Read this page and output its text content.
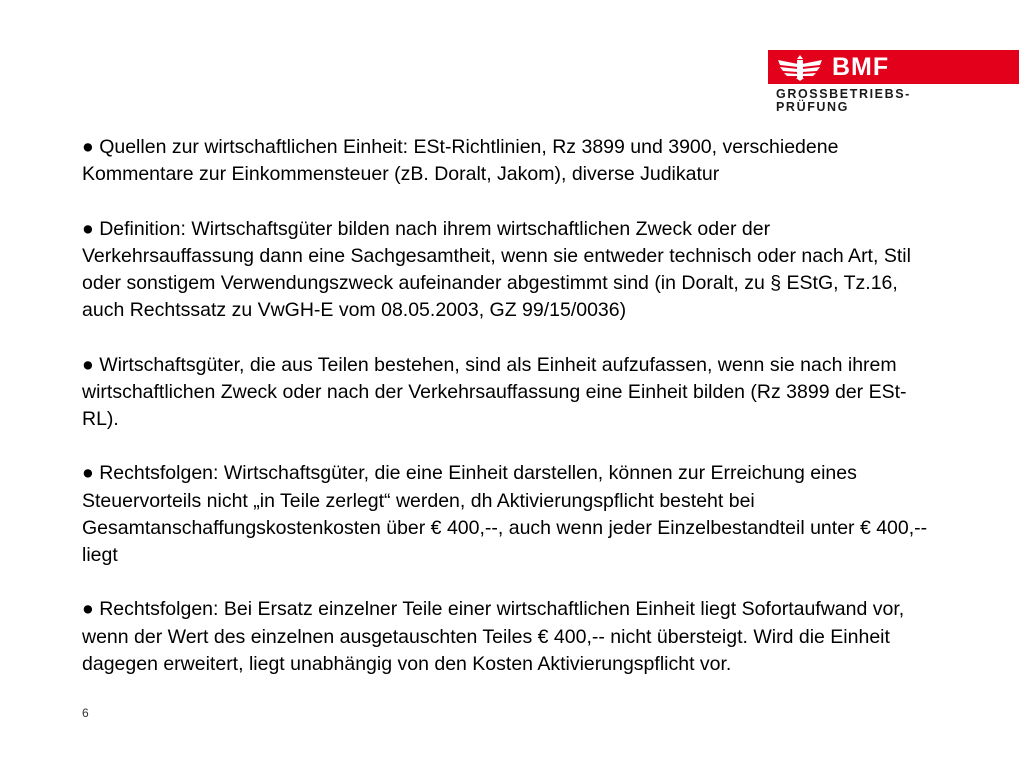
BMF
GROSSBETRIEBS-
PRÜFUNG

● Quellen zur wirtschaftlichen Einheit: ESt-Richtlinien, Rz 3899 und 3900, verschiedene Kommentare zur Einkommensteuer (zB. Doralt, Jakom), diverse Judikatur

● Definition: Wirtschaftsgüter bilden nach ihrem wirtschaftlichen Zweck oder der Verkehrsauffassung dann eine Sachgesamtheit, wenn sie entweder technisch oder nach Art, Stil oder sonstigem Verwendungszweck aufeinander abgestimmt sind (in Doralt, zu § EStG, Tz.16, auch Rechtssatz zu VwGH-E vom 08.05.2003, GZ 99/15/0036)

● Wirtschaftsgüter, die aus Teilen bestehen, sind als Einheit aufzufassen, wenn sie nach ihrem wirtschaftlichen Zweck oder nach der Verkehrsauffassung eine Einheit bilden (Rz 3899 der ESt-RL).

● Rechtsfolgen: Wirtschaftsgüter, die eine Einheit darstellen, können zur Erreichung eines Steuervorteils nicht „in Teile zerlegt“ werden, dh Aktivierungspflicht besteht bei Gesamtanschaffungskostenkosten über € 400,--, auch wenn jeder Einzelbestandteil unter € 400,-- liegt

● Rechtsfolgen: Bei Ersatz einzelner Teile einer wirtschaftlichen Einheit liegt Sofortaufwand vor, wenn der Wert des einzelnen ausgetauschten Teiles € 400,-- nicht übersteigt. Wird die Einheit dagegen erweitert, liegt unabhängig von den Kosten Aktivierungspflicht vor.

6
